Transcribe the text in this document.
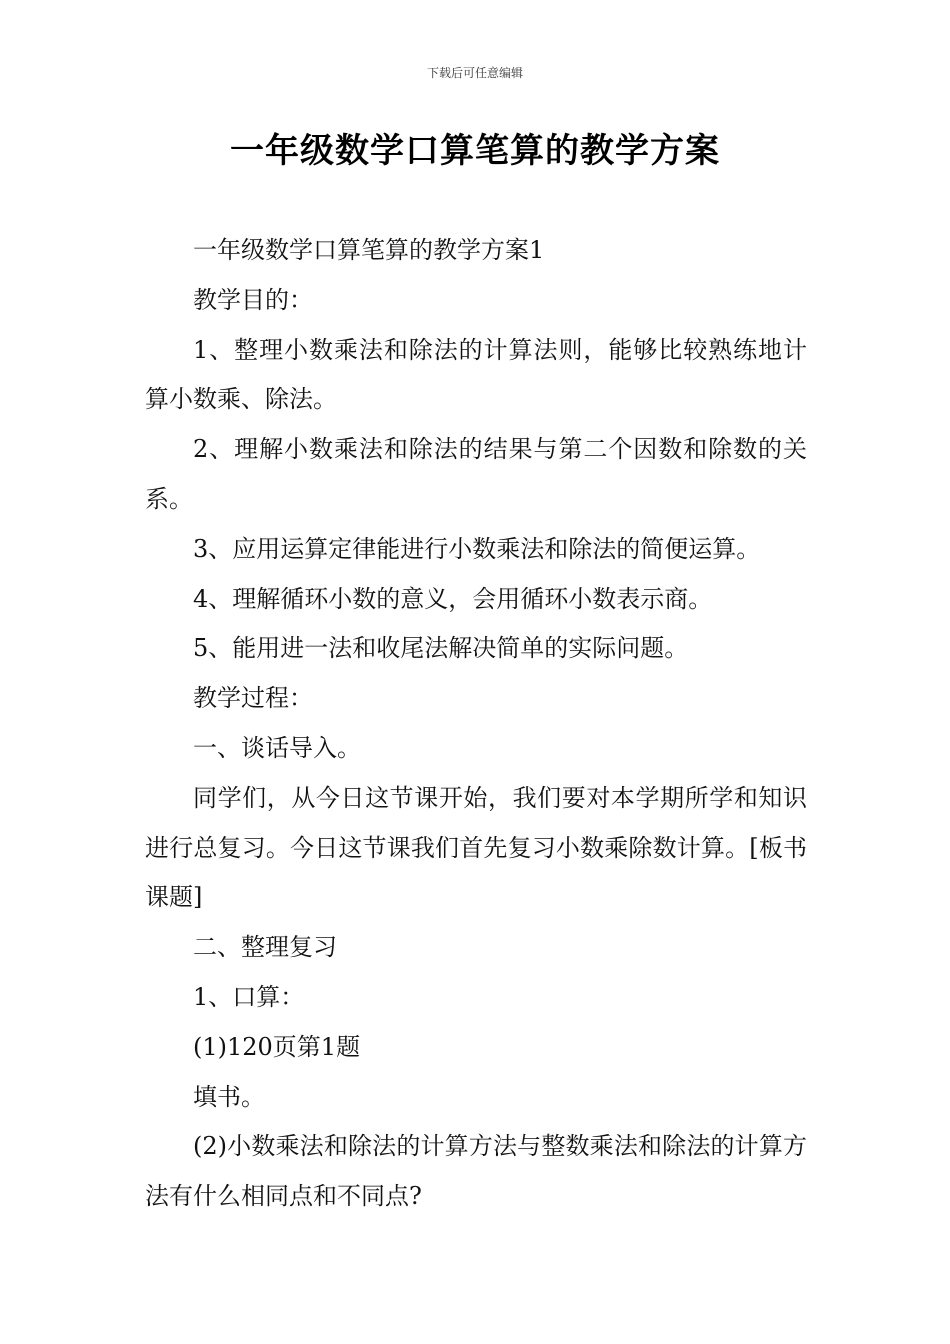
下载后可任意编辑
一年级数学口算笔算的教学方案

一年级数学口算笔算的教学方案1

教学目的：

1、整理小数乘法和除法的计算法则，能够比较熟练地计算小数乘、除法。

2、理解小数乘法和除法的结果与第二个因数和除数的关系。

3、应用运算定律能进行小数乘法和除法的简便运算。

4、理解循环小数的意义，会用循环小数表示商。

5、能用进一法和收尾法解决简单的实际问题。

教学过程：

一、谈话导入。

同学们，从今日这节课开始，我们要对本学期所学和知识进行总复习。今日这节课我们首先复习小数乘除数计算。[板书课题]

二、整理复习

1、口算：

(1)120页第1题

填书。

(2)小数乘法和除法的计算方法与整数乘法和除法的计算方法有什么相同点和不同点?
